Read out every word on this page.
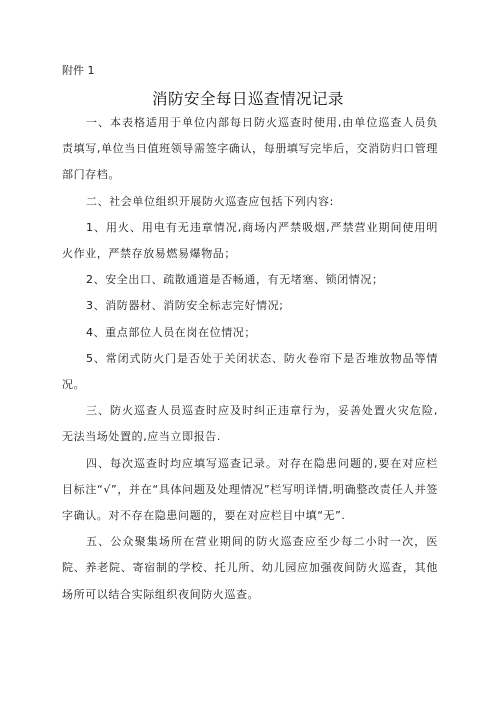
附件 1
消防安全每日巡查情况记录

一、本表格适用于单位内部每日防火巡查时使用,由单位巡查人员负责填写,单位当日值班领导需签字确认，每册填写完毕后，交消防归口管理部门存档。

二、社会单位组织开展防火巡查应包括下列内容:

1、用火、用电有无违章情况,商场内严禁吸烟,严禁营业期间使用明火作业，严禁存放易燃易爆物品；

2、安全出口、疏散通道是否畅通，有无堵塞、锁闭情况；

3、消防器材、消防安全标志完好情况;

4、重点部位人员在岗在位情况；

5、常闭式防火门是否处于关闭状态、防火卷帘下是否堆放物品等情况。

三、防火巡查人员巡查时应及时纠正违章行为，妥善处置火灾危险,无法当场处置的,应当立即报告.

四、每次巡查时均应填写巡查记录。对存在隐患问题的,要在对应栏目标注“√”，并在“具体问题及处理情况”栏写明详情,明确整改责任人并签字确认。对不存在隐患问题的，要在对应栏目中填“无”.

五、公众聚集场所在营业期间的防火巡查应至少每二小时一次，医院、养老院、寄宿制的学校、托儿所、幼儿园应加强夜间防火巡查，其他场所可以结合实际组织夜间防火巡查。
